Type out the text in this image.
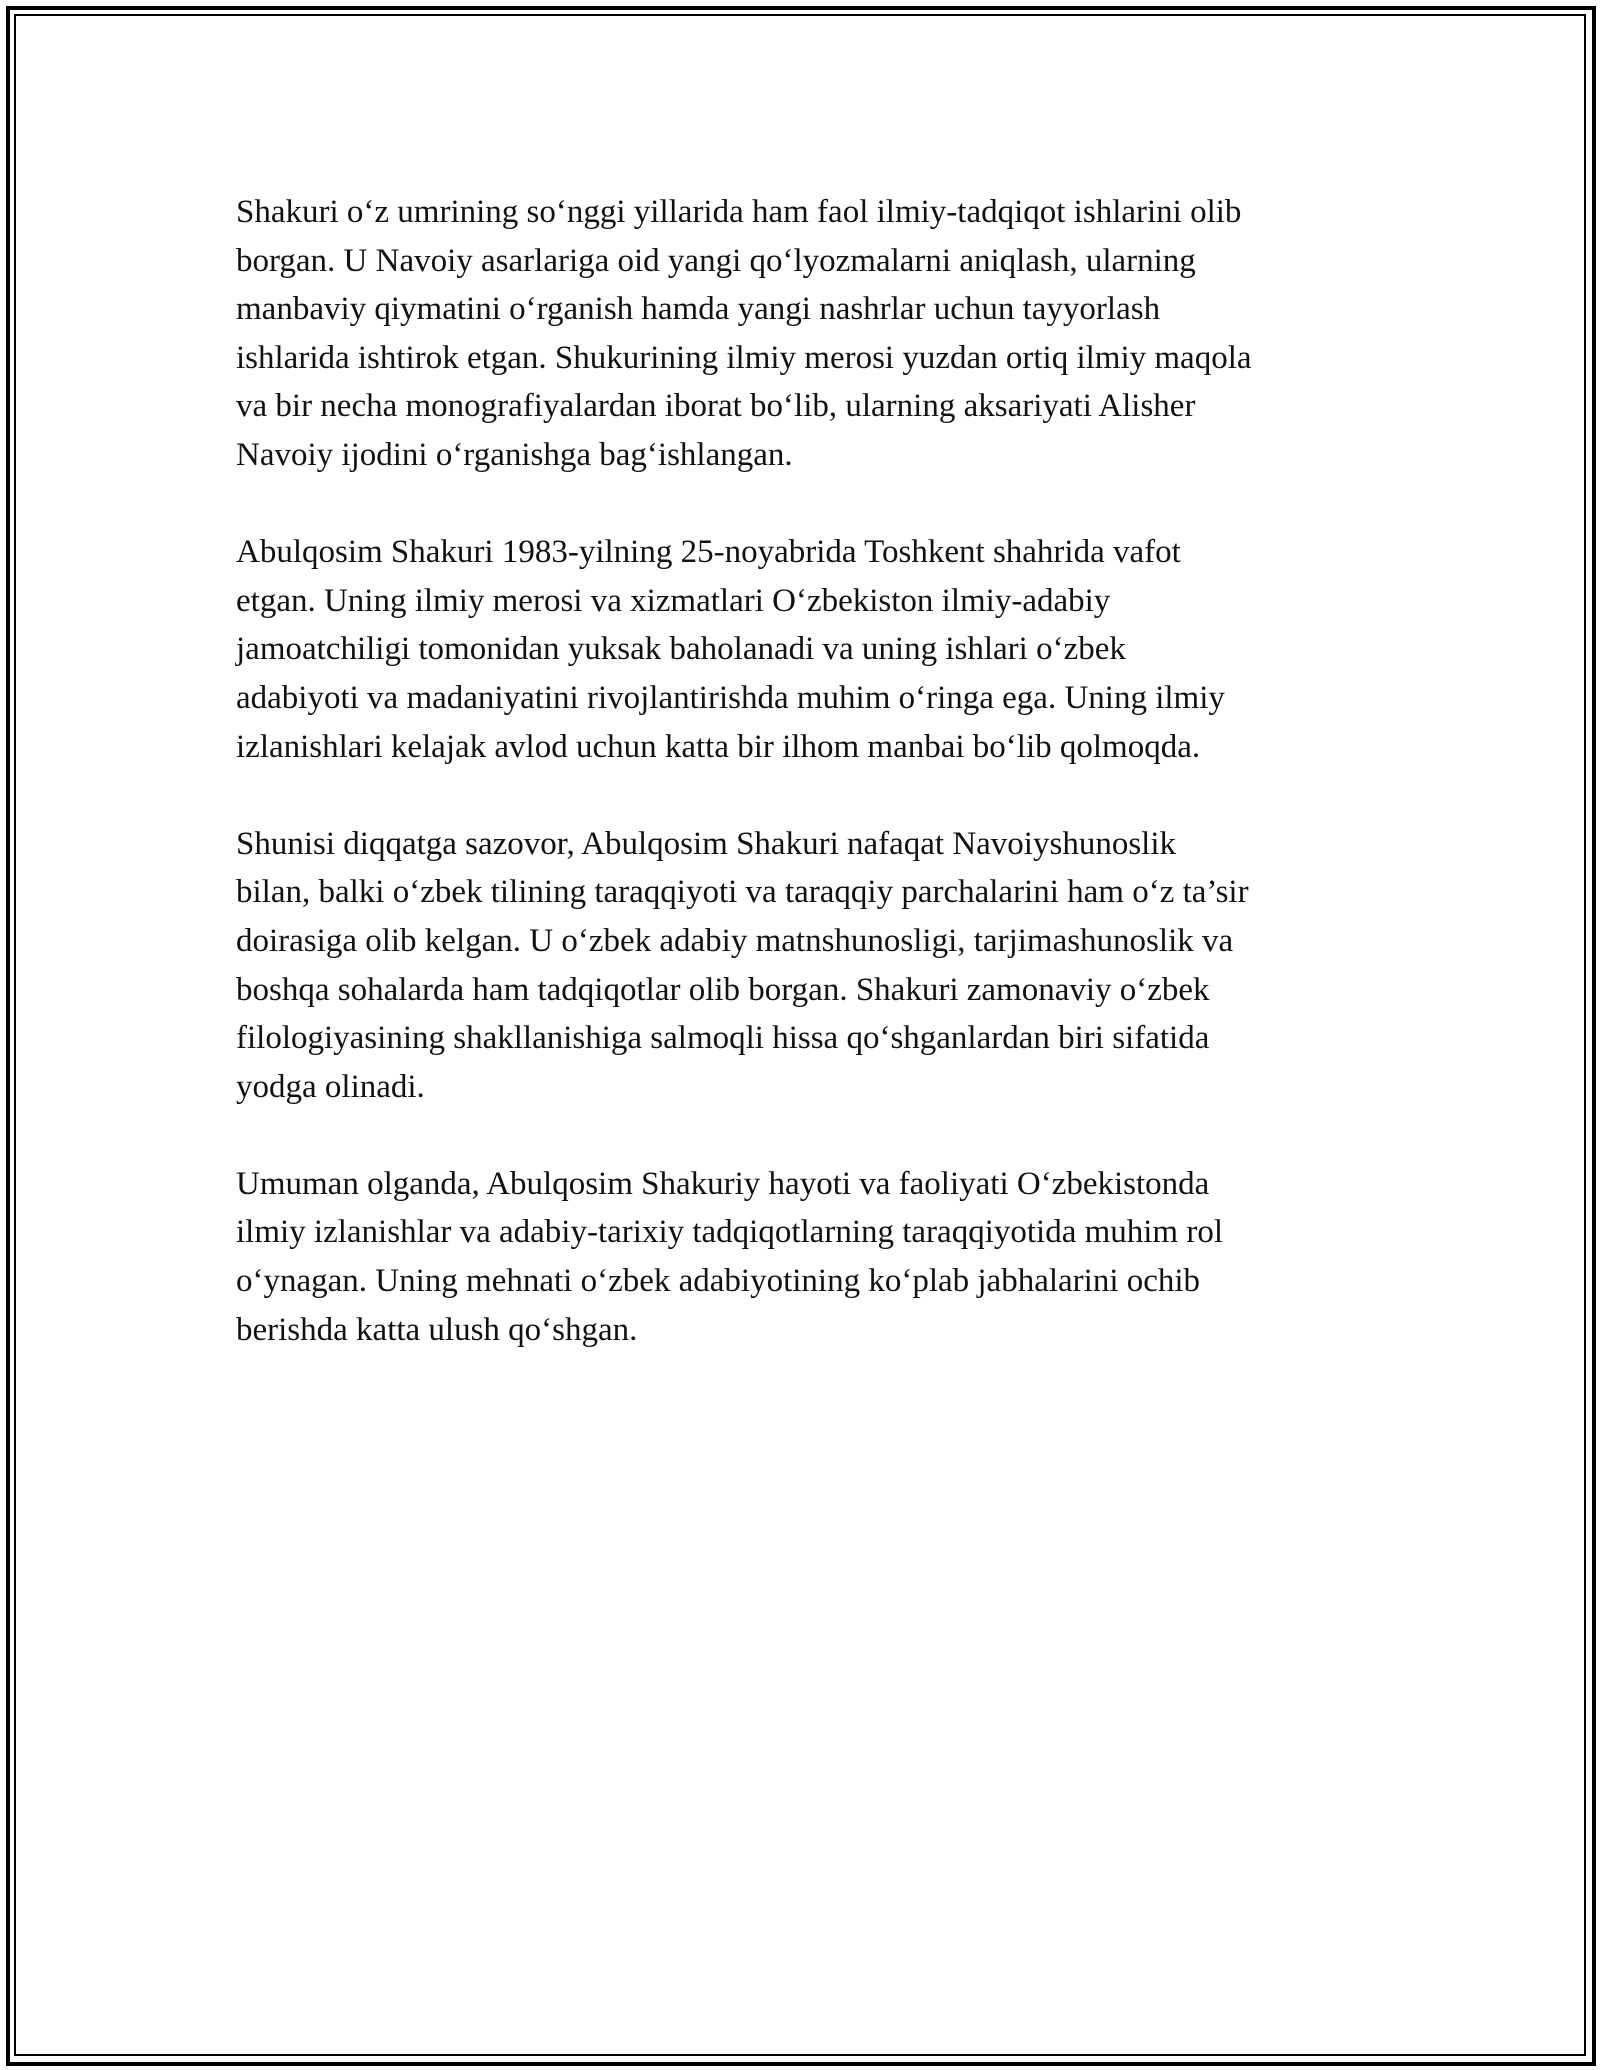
Shakuri o‘z umrining so‘nggi yillarida ham faol ilmiy-tadqiqot ishlarini olib
borgan. U Navoiy asarlariga oid yangi qo‘lyozmalarni aniqlash, ularning
manbaviy qiymatini o‘rganish hamda yangi nashrlar uchun tayyorlash
ishlarida ishtirok etgan. Shukurining ilmiy merosi yuzdan ortiq ilmiy maqola
va bir necha monografiyalardan iborat bo‘lib, ularning aksariyati Alisher
Navoiy ijodini o‘rganishga bag‘ishlangan.

Abulqosim Shakuri 1983-yilning 25-noyabrida Toshkent shahrida vafot
etgan. Uning ilmiy merosi va xizmatlari O‘zbekiston ilmiy-adabiy
jamoatchiligi tomonidan yuksak baholanadi va uning ishlari o‘zbek
adabiyoti va madaniyatini rivojlantirishda muhim o‘ringa ega. Uning ilmiy
izlanishlari kelajak avlod uchun katta bir ilhom manbai bo‘lib qolmoqda.

Shunisi diqqatga sazovor, Abulqosim Shakuri nafaqat Navoiyshunoslik
bilan, balki o‘zbek tilining taraqqiyoti va taraqqiy parchalarini ham o‘z ta’sir
doirasiga olib kelgan. U o‘zbek adabiy matnshunosligi, tarjimashunoslik va
boshqa sohalarda ham tadqiqotlar olib borgan. Shakuri zamonaviy o‘zbek
filologiyasining shakllanishiga salmoqli hissa qo‘shganlardan biri sifatida
yodga olinadi.

Umuman olganda, Abulqosim Shakuriy hayoti va faoliyati O‘zbekistonda
ilmiy izlanishlar va adabiy-tarixiy tadqiqotlarning taraqqiyotida muhim rol
o‘ynagan. Uning mehnati o‘zbek adabiyotining ko‘plab jabhalarini ochib
berishda katta ulush qo‘shgan.
